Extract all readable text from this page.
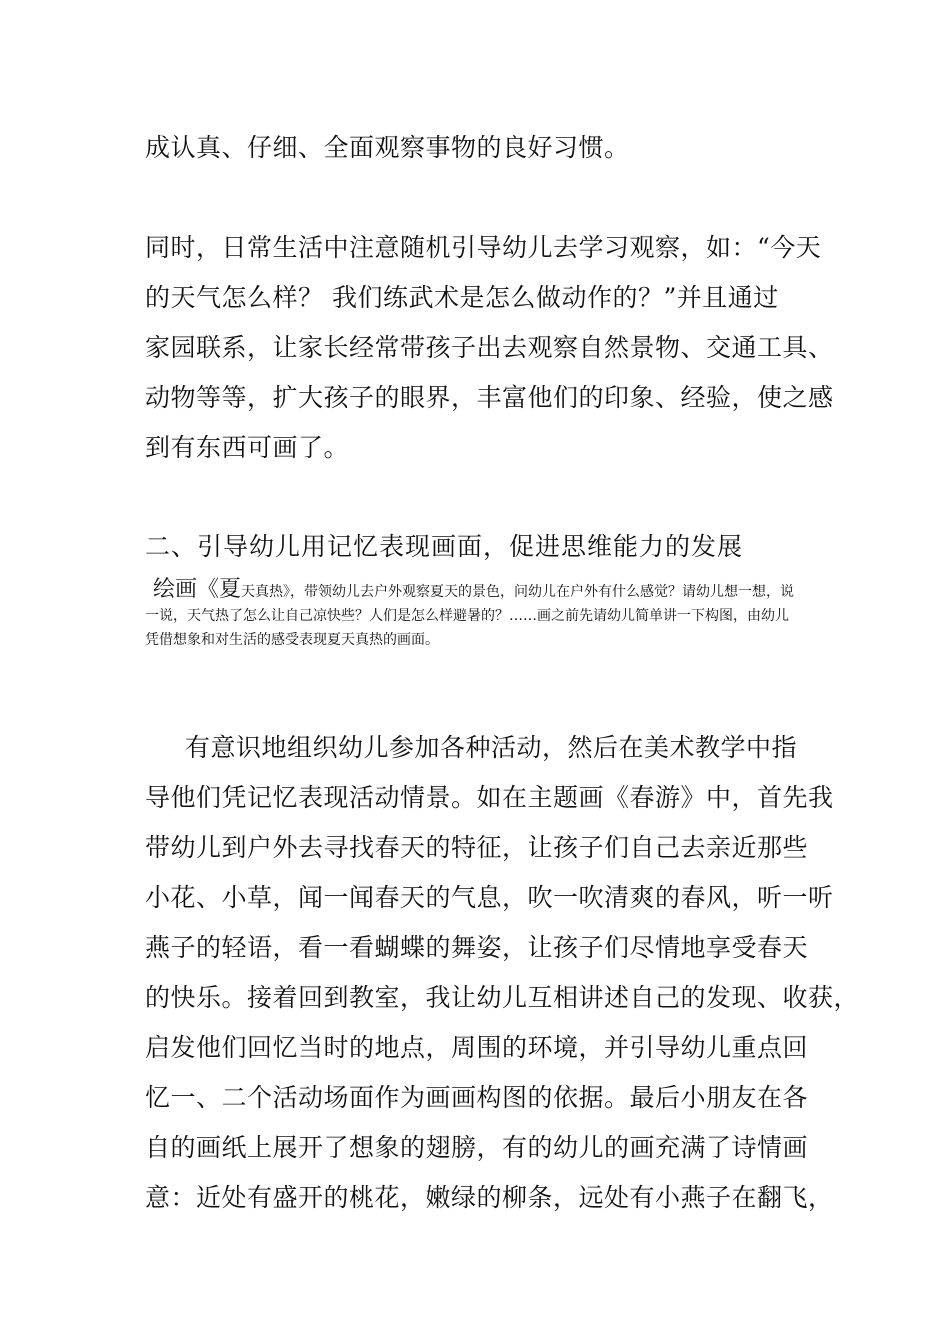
成认真、仔细、全面观察事物的良好习惯。
同时，日常生活中注意随机引导幼儿去学习观察，如：“今天
的天气怎么样？ 我们练武术是怎么做动作的？”并且通过
家园联系，让家长经常带孩子出去观察自然景物、交通工具、
动物等等，扩大孩子的眼界，丰富他们的印象、经验，使之感
到有东西可画了。
二、引导幼儿用记忆表现画面，促进思维能力的发展
绘画《夏天真热》，带领幼儿去户外观察夏天的景色，问幼儿在户外有什么感觉？请幼儿想一想，说
一说，天气热了怎么让自己凉快些？人们是怎么样避暑的？……画之前先请幼儿简单讲一下构图，由幼儿
凭借想象和对生活的感受表现夏天真热的画面。
有意识地组织幼儿参加各种活动，然后在美术教学中指
导他们凭记忆表现活动情景。如在主题画《春游》中，首先我
带幼儿到户外去寻找春天的特征，让孩子们自己去亲近那些
小花、小草，闻一闻春天的气息，吹一吹清爽的春风，听一听
燕子的轻语，看一看蝴蝶的舞姿，让孩子们尽情地享受春天
的快乐。接着回到教室，我让幼儿互相讲述自己的发现、收获，
启发他们回忆当时的地点，周围的环境，并引导幼儿重点回
忆一、二个活动场面作为画画构图的依据。最后小朋友在各
自的画纸上展开了想象的翅膀，有的幼儿的画充满了诗情画
意：近处有盛开的桃花，嫩绿的柳条，远处有小燕子在翻飞，
